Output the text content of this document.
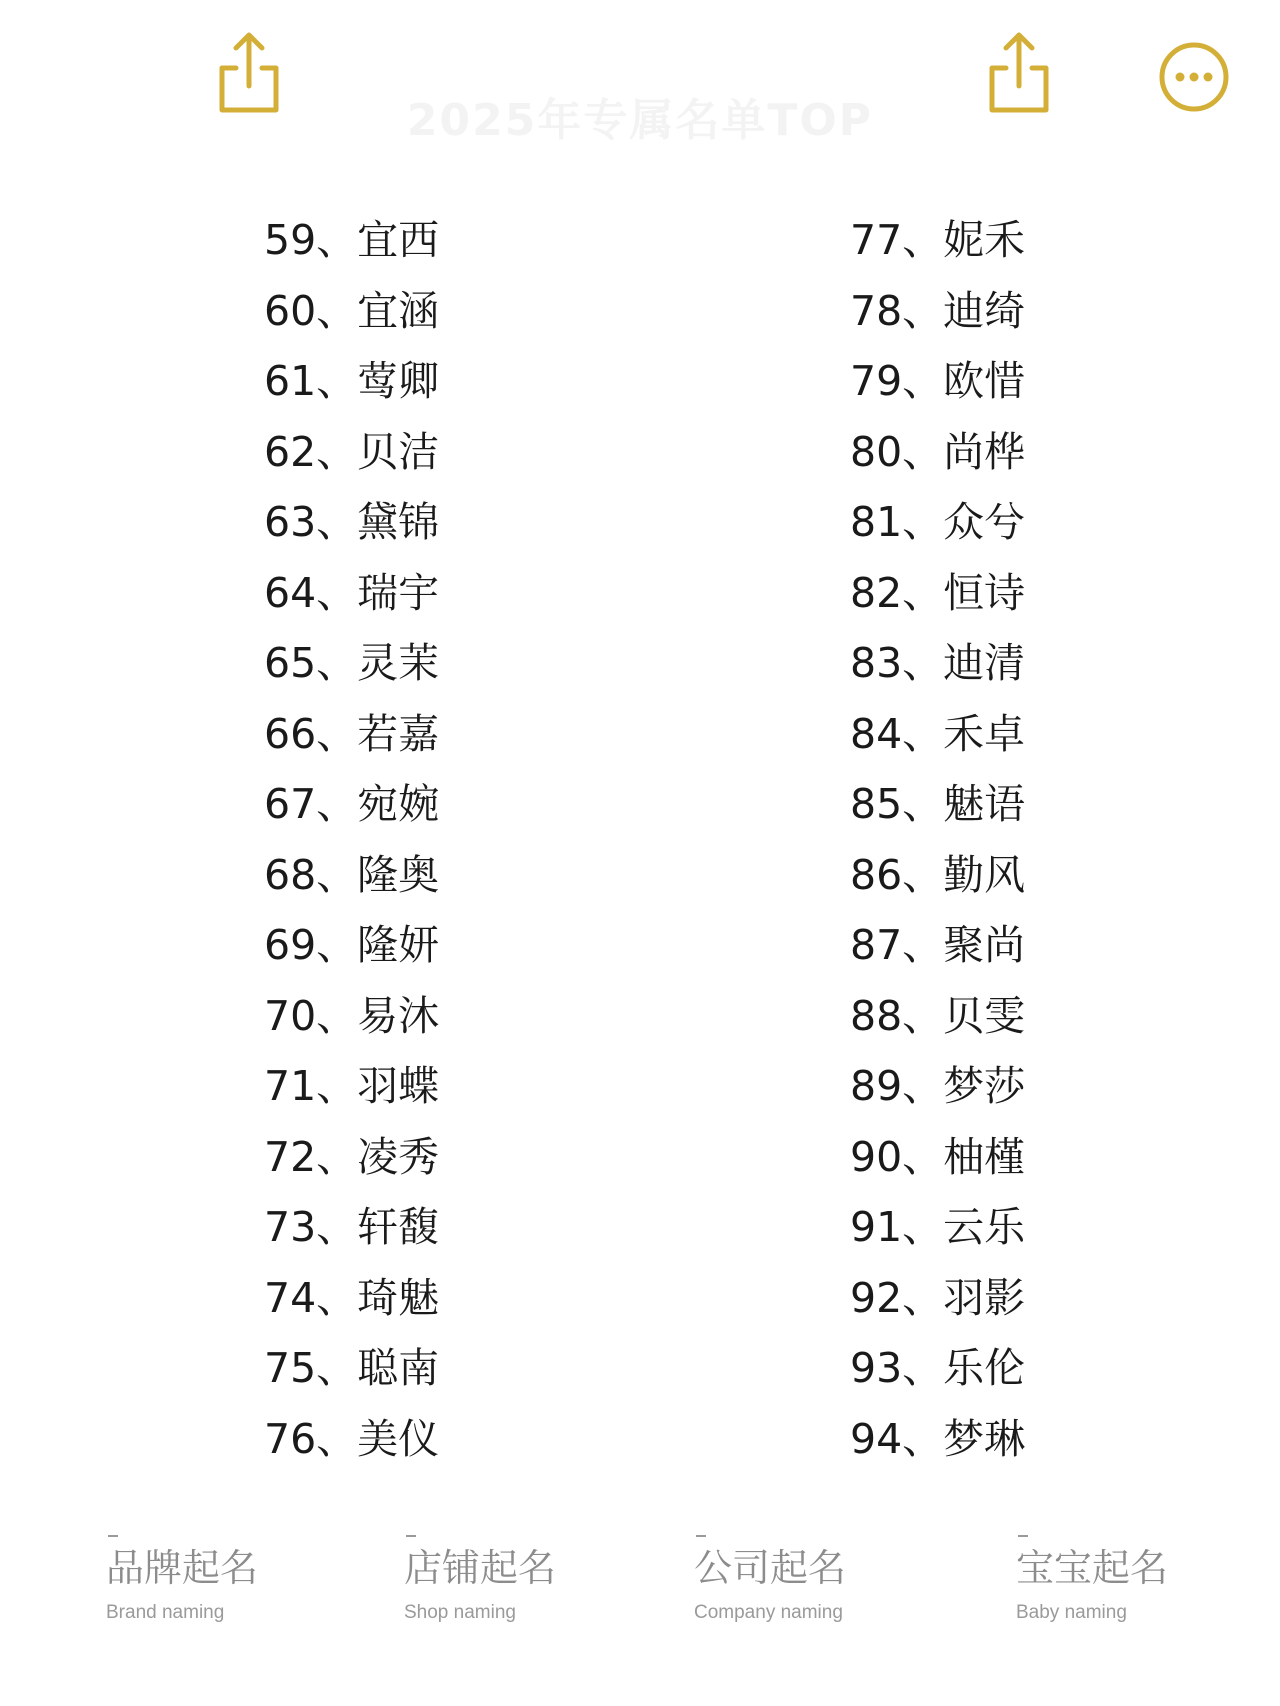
2025年专属名单TOP
59、宜西
60、宜涵
61、莺卿
62、贝洁
63、黛锦
64、瑞宇
65、灵茉
66、若嘉
67、宛婉
68、隆奥
69、隆妍
70、易沐
71、羽蝶
72、凌秀
73、轩馥
74、琦魅
75、聪南
76、美仪
77、妮禾
78、迪绮
79、欧惜
80、尚桦
81、众兮
82、恒诗
83、迪清
84、禾卓
85、魅语
86、勤风
87、聚尚
88、贝雯
89、梦莎
90、柚槿
91、云乐
92、羽影
93、乐伦
94、梦琳
品牌起名
Brand naming
店铺起名
Shop naming
公司起名
Company naming
宝宝起名
Baby naming
